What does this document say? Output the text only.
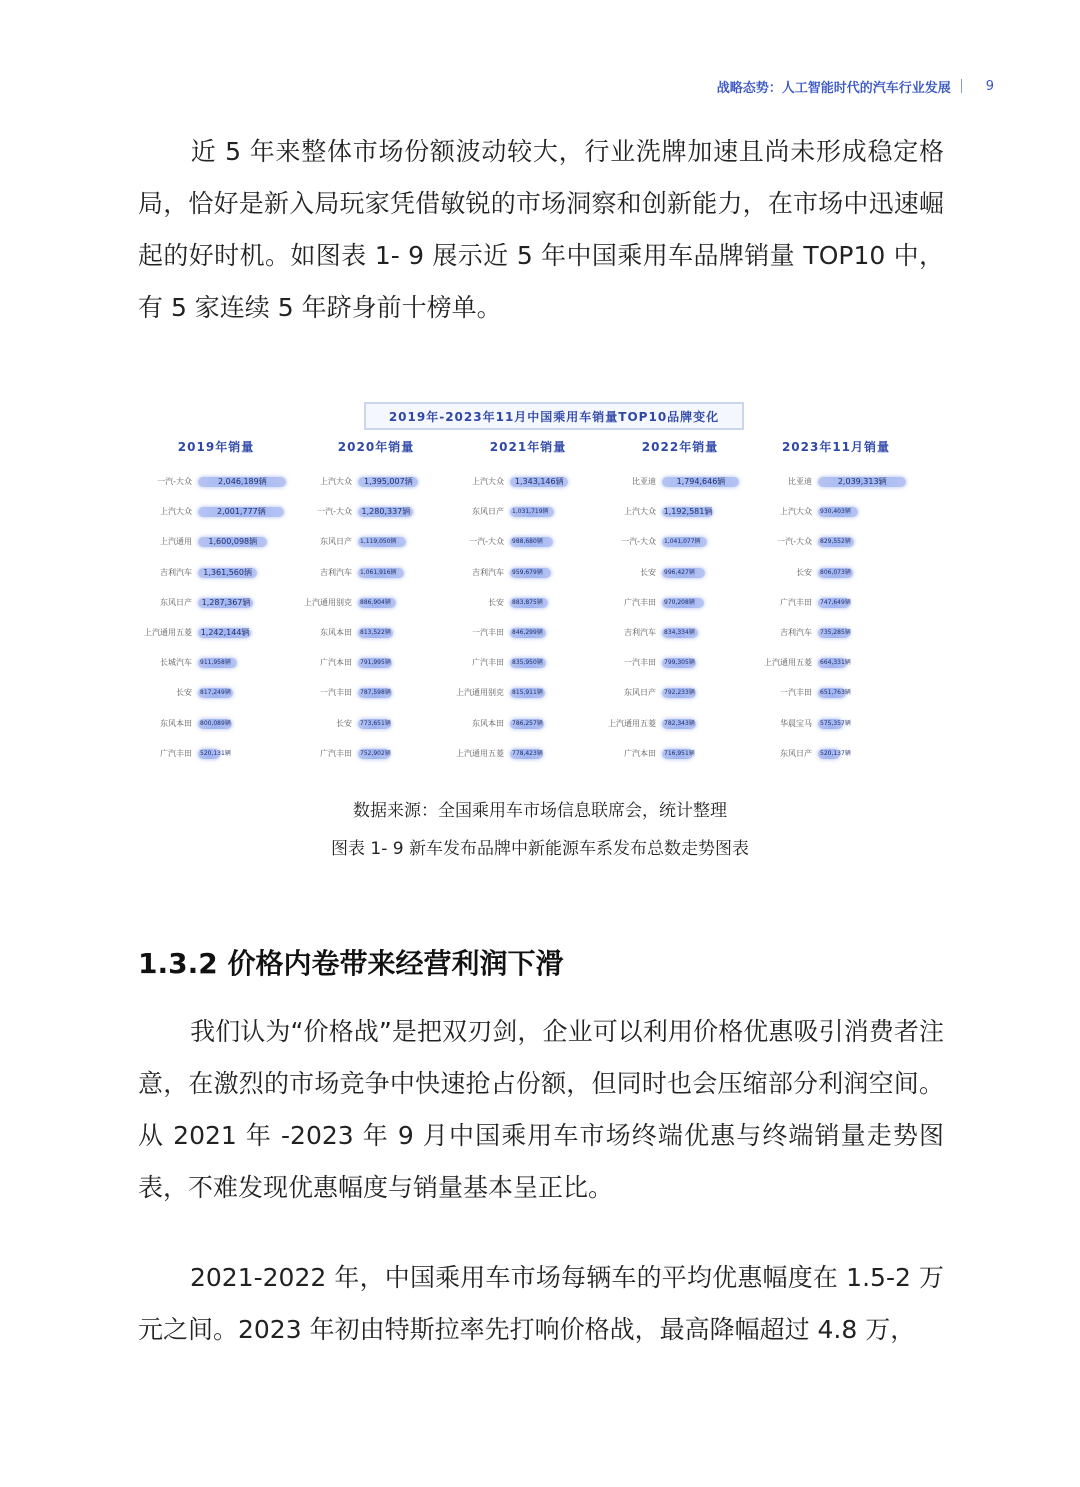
战略态势：人工智能时代的汽车行业发展	9

近 5 年来整体市场份额波动较大，行业洗牌加速且尚未形成稳定格局，恰好是新入局玩家凭借敏锐的市场洞察和创新能力，在市场中迅速崛起的好时机。如图表 1- 9 展示近 5 年中国乘用车品牌销量 TOP10 中，有 5 家连续 5 年跻身前十榜单。

2019年-2023年11月中国乘用车销量TOP10品牌变化
2019年销量
一汽-大众	2,046,189辆
上汽大众	2,001,777辆
上汽通用 1,600,098辆
吉利汽车 1,361,560辆
东风日产 1,287,367辆
上汽通用五菱 1,242,144辆
长城汽车 911,958辆
长安 817,249辆
东风本田 800,089辆
广汽丰田 520,131辆
2020年销量
上汽大众 1,395,007辆
一汽-大众 1,280,337辆
东风日产 1,119,050辆
吉利汽车 1,061,916辆
上汽通用别克 886,904辆
东风本田 813,522辆
广汽本田 791,995辆
一汽丰田 787,598辆
长安 773,651辆
广汽丰田 752,902辆
2021年销量
上汽大众 1,343,146辆
东风日产 1,031,719辆
一汽-大众 988,680辆
吉利汽车 959,679辆
长安 883,875辆
一汽丰田 846,299辆
广汽丰田 835,950辆
上汽通用别克 815,911辆
东风本田 786,257辆
上汽通用五菱 778,423辆
2022年销量
比亚迪	1,794,646辆
上汽大众 1,192,581辆
一汽-大众 1,041,077辆
长安 996,427辆
广汽丰田 970,208辆
吉利汽车 834,334辆
一汽丰田 799,305辆
东风日产 792,233辆
上汽通用五菱 782,343辆
广汽本田 716,951辆
2023年11月销量
比亚迪	2,039,313辆
上汽大众 930,403辆
一汽-大众 829,552辆
长安 806,073辆
广汽丰田 747,649辆
吉利汽车 735,285辆
上汽通用五菱 664,331辆
一汽丰田 651,763辆
华晨宝马 575,357辆
东风日产 520,137辆
数据来源：全国乘用车市场信息联席会，统计整理
图表 1- 9 新车发布品牌中新能源车系发布总数走势图表
1.3.2 价格内卷带来经营利润下滑

我们认为“价格战”是把双刃剑，企业可以利用价格优惠吸引消费者注意，在激烈的市场竞争中快速抢占份额，但同时也会压缩部分利润空间。从 2021 年 -2023 年 9 月中国乘用车市场终端优惠与终端销量走势图表，不难发现优惠幅度与销量基本呈正比。

2021-2022 年，中国乘用车市场每辆车的平均优惠幅度在 1.5-2 万元之间。2023 年初由特斯拉率先打响价格战，最高降幅超过 4.8 万，
